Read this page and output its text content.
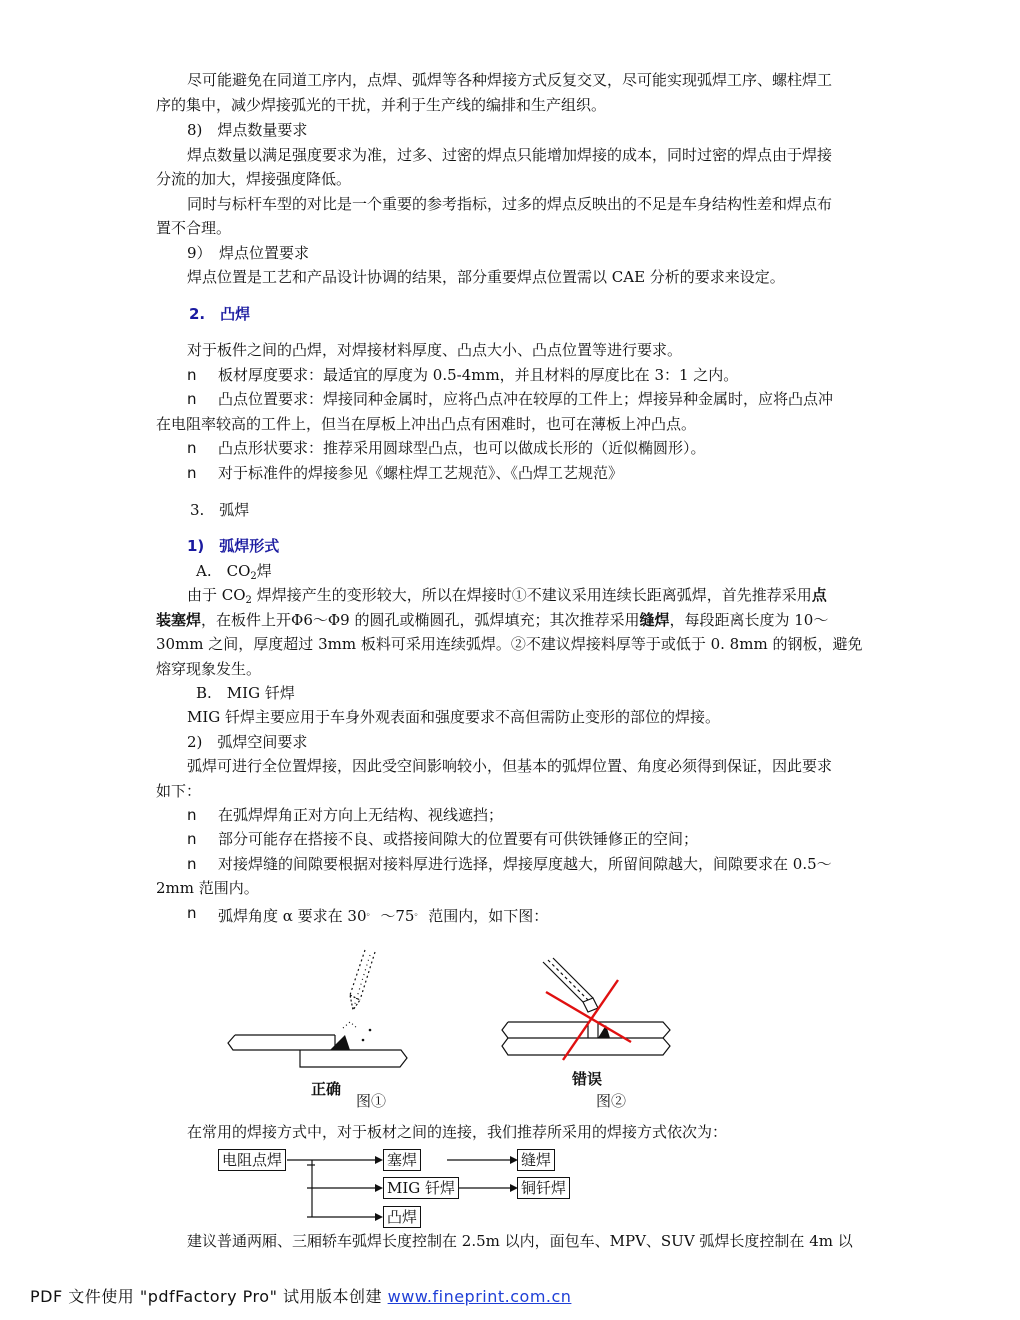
尽可能避免在同道工序内，点焊、弧焊等各种焊接方式反复交叉，尽可能实现弧焊工序、螺柱焊工
序的集中，减少焊接弧光的干扰，并利于生产线的编排和生产组织。
8)　焊点数量要求
焊点数量以满足强度要求为准，过多、过密的焊点只能增加焊接的成本，同时过密的焊点由于焊接
分流的加大，焊接强度降低。
同时与标杆车型的对比是一个重要的参考指标，过多的焊点反映出的不足是车身结构性差和焊点布
置不合理。
9）　焊点位置要求
焊点位置是工艺和产品设计协调的结果，部分重要焊点位置需以 CAE 分析的要求来设定。
2.　凸焊
对于板件之间的凸焊，对焊接材料厚度、凸点大小、凸点位置等进行要求。
n 板材厚度要求：最适宜的厚度为 0.5-4mm，并且材料的厚度比在 3：1 之内。
n 凸点位置要求：焊接同种金属时，应将凸点冲在较厚的工件上；焊接异种金属时，应将凸点冲
在电阻率较高的工件上，但当在厚板上冲出凸点有困难时，也可在薄板上冲凸点。
n 凸点形状要求：推荐采用圆球型凸点，也可以做成长形的（近似椭圆形）。
n 对于标准件的焊接参见《螺柱焊工艺规范》、《凸焊工艺规范》
3.　弧焊
1)　弧焊形式
A.　$CO_2$焊
由于 $CO_2$ 焊焊接产生的变形较大，所以在焊接时①不建议采用连续长距离弧焊，首先推荐采用点
装塞焊，在板件上开Φ6～Φ9 的圆孔或椭圆孔，弧焊填充；其次推荐采用缝焊，每段距离长度为 10～
30mm 之间，厚度超过 3mm 板料可采用连续弧焊。②不建议焊接料厚等于或低于 0. 8mm 的钢板，避免
熔穿现象发生。
B.　MIG 钎焊
MIG 钎焊主要应用于车身外观表面和强度要求不高但需防止变形的部位的焊接。
2)　弧焊空间要求
弧焊可进行全位置焊接，因此受空间影响较小，但基本的弧焊位置、角度必须得到保证，因此要求
如下：
n 在弧焊焊角正对方向上无结构、视线遮挡；
n 部分可能存在搭接不良、或搭接间隙大的位置要有可供铁锤修正的空间；
n 对接焊缝的间隙要根据对接料厚进行选择，焊接厚度越大，所留间隙越大，间隙要求在 0.5～
2mm 范围内。
n 弧焊角度 α 要求在 30。 ～75。 范围内，如下图：
正确
图①
错误
图②
在常用的焊接方式中，对于板材之间的连接，我们推荐所采用的焊接方式依次为：
电阻点焊	塞焊	缝焊
MIG 钎焊	铜钎焊
凸焊
建议普通两厢、三厢轿车弧焊长度控制在 2.5m 以内，面包车、MPV、SUV 弧焊长度控制在 4m 以
PDF 文件使用 "pdfFactory Pro" 试用版本创建 www.fineprint.com.cn
